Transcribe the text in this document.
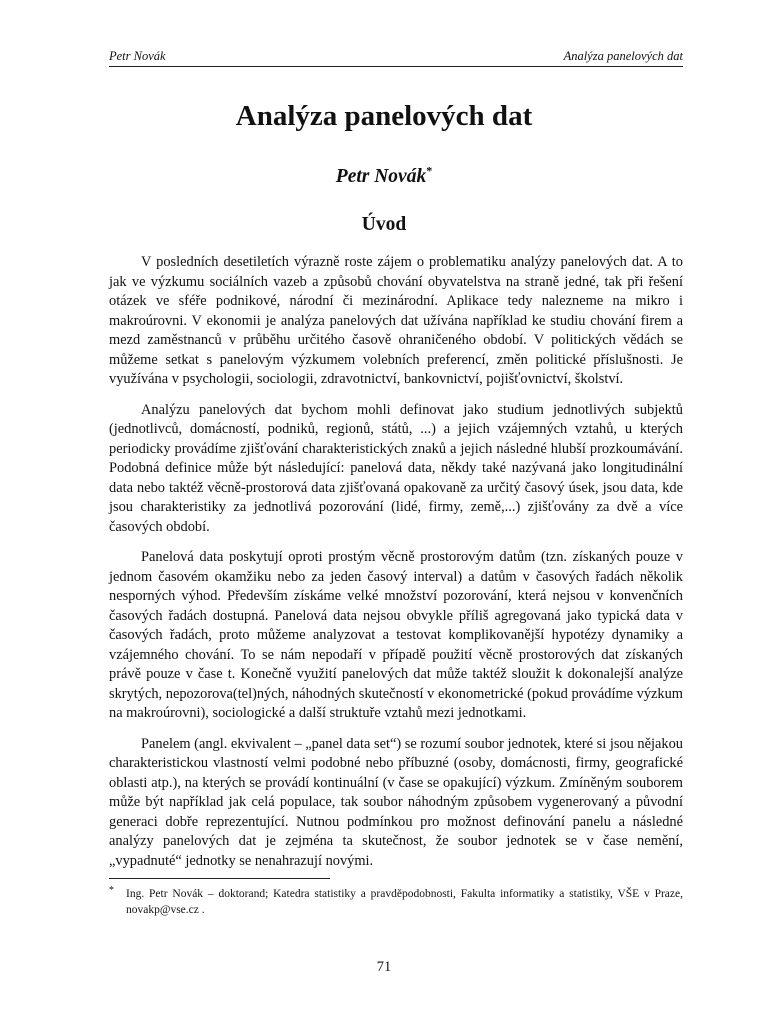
Petr Novák	Analýza panelových dat
Analýza panelových dat
Petr Novák*
Úvod

V posledních desetiletích výrazně roste zájem o problematiku analýzy panelových dat. A to jak ve výzkumu sociálních vazeb a způsobů chování obyvatelstva na straně jedné, tak při řešení otázek ve sféře podnikové, národní či mezinárodní. Aplikace tedy nalezneme na mikro i makroúrovni. V ekonomii je analýza panelových dat užívána například ke studiu chování firem a mezd zaměstnanců v průběhu určitého časově ohraničeného období. V politických vědách se můžeme setkat s panelovým výzkumem volebních preferencí, změn politické příslušnosti. Je využívána v psychologii, sociologii, zdravotnictví, bankovnictví, pojišťovnictví, školství.

Analýzu panelových dat bychom mohli definovat jako studium jednotlivých subjektů (jednotlivců, domácností, podniků, regionů, států, ...) a jejich vzájemných vztahů, u kterých periodicky provádíme zjišťování charakteristických znaků a jejich následné hlubší prozkoumávání. Podobná definice může být následující: panelová data, někdy také nazývaná jako longitudinální data nebo taktéž věcně-prostorová data zjišťovaná opakovaně za určitý časový úsek, jsou data, kde jsou charakteristiky za jednotlivá pozorování (lidé, firmy, země,...) zjišťovány za dvě a více časových období.

Panelová data poskytují oproti prostým věcně prostorovým datům (tzn. získaných pouze v jednom časovém okamžiku nebo za jeden časový interval) a datům v časových řadách několik nesporných výhod. Především získáme velké množství pozorování, která nejsou v konvenčních časových řadách dostupná. Panelová data nejsou obvykle příliš agregovaná jako typická data v časových řadách, proto můžeme analyzovat a testovat komplikovanější hypotézy dynamiky a vzájemného chování. To se nám nepodaří v případě použití věcně prostorových dat získaných právě pouze v čase t. Konečně využití panelových dat může taktéž sloužit k dokonalejší analýze skrytých, nepozorova(tel)ných, náhodných skutečností v ekonometrické (pokud provádíme výzkum na makroúrovni), sociologické a další struktuře vztahů mezi jednotkami.

Panelem (angl. ekvivalent – „panel data set“) se rozumí soubor jednotek, které si jsou nějakou charakteristickou vlastností velmi podobné nebo příbuzné (osoby, domácnosti, firmy, geografické oblasti atp.), na kterých se provádí kontinuální (v čase se opakující) výzkum. Zmíněným souborem může být například jak celá populace, tak soubor náhodným způsobem vygenerovaný a původní generaci dobře reprezentující. Nutnou podmínkou pro možnost definování panelu a následné analýzy panelových dat je zejména ta skutečnost, že soubor jednotek se v čase nemění, „vypadnuté“ jednotky se nenahrazují novými.

* Ing. Petr Novák – doktorand; Katedra statistiky a pravděpodobnosti, Fakulta informatiky a statistiky, VŠE v Praze, novakp@vse.cz .
71
